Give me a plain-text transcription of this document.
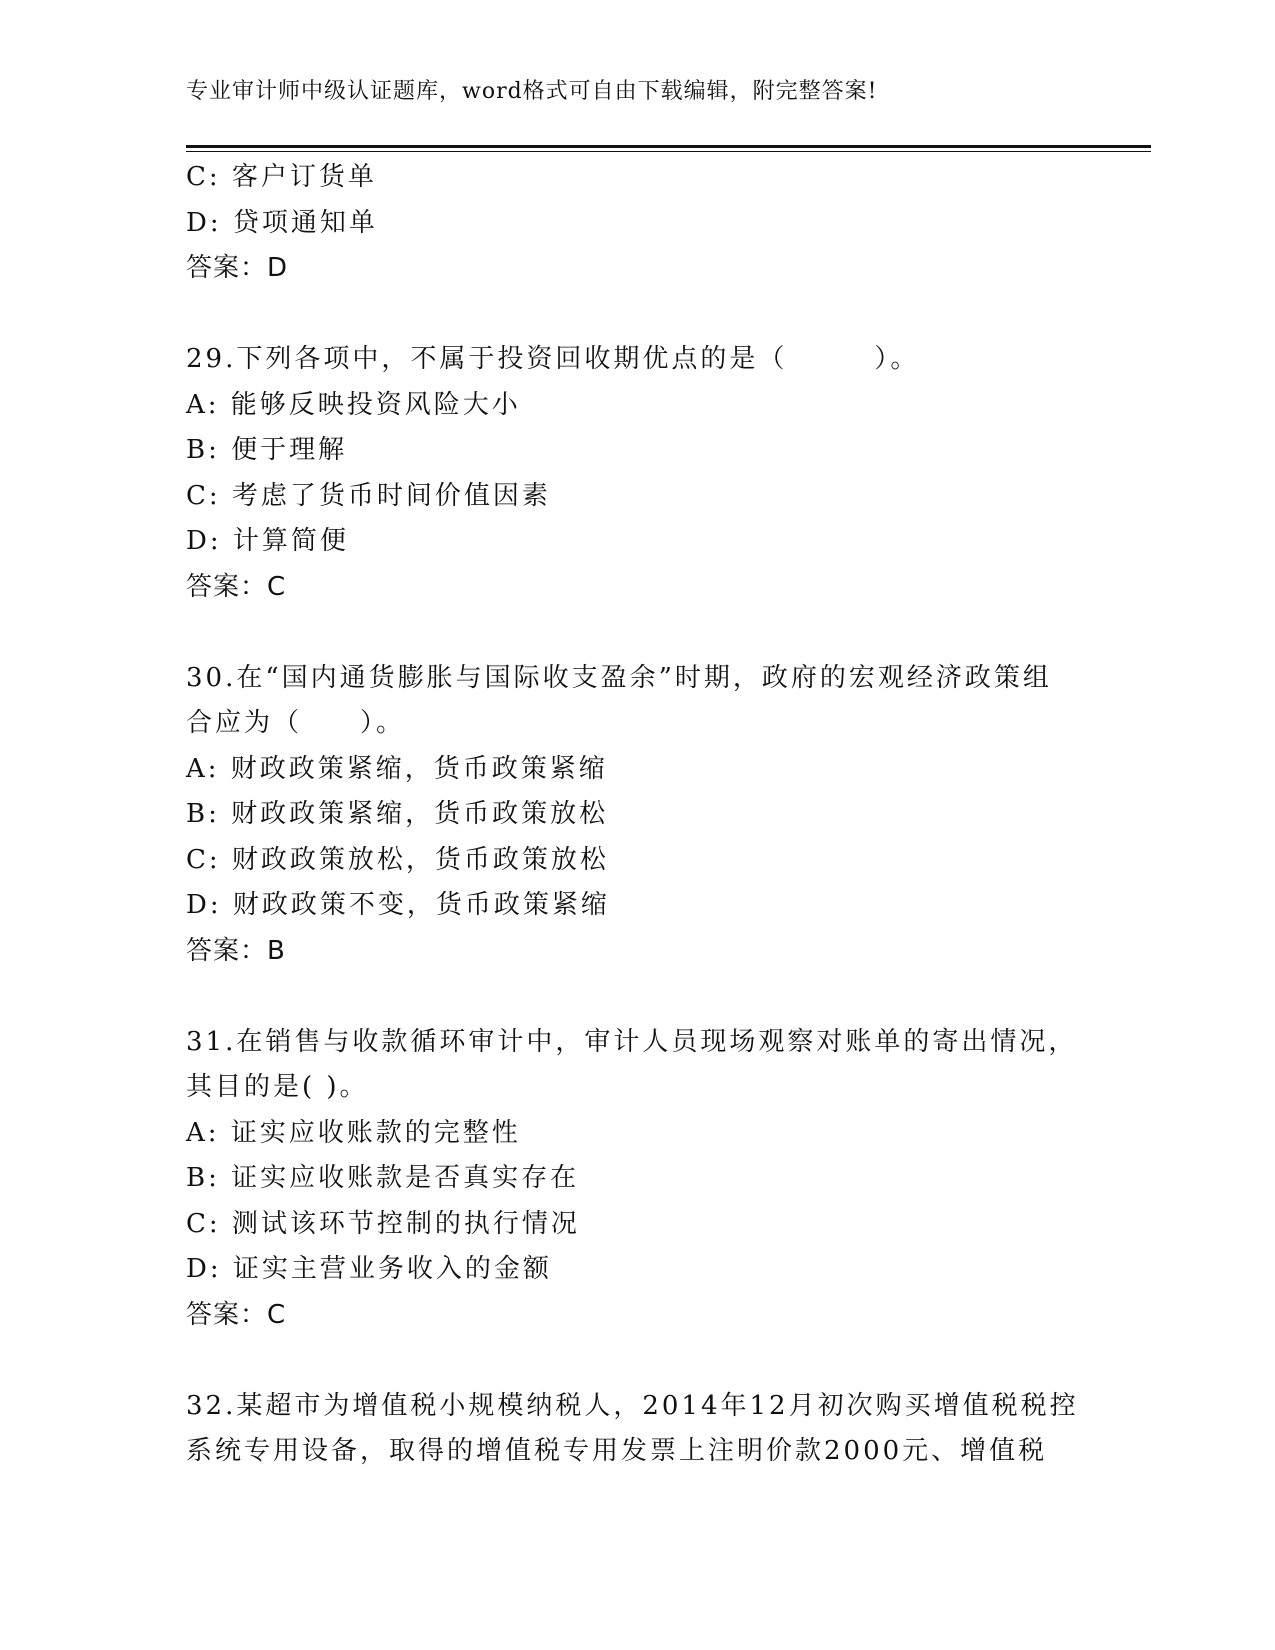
专业审计师中级认证题库，word格式可自由下载编辑，附完整答案!
C: 客户订货单
D: 贷项通知单
答案：D
29.下列各项中，不属于投资回收期优点的是（　　　）。
A: 能够反映投资风险大小
B: 便于理解
C: 考虑了货币时间价值因素
D: 计算简便
答案：C
30.在“国内通货膨胀与国际收支盈余”时期，政府的宏观经济政策组
合应为（　　）。
A: 财政政策紧缩，货币政策紧缩
B: 财政政策紧缩，货币政策放松
C: 财政政策放松，货币政策放松
D: 财政政策不变，货币政策紧缩
答案：B
31.在销售与收款循环审计中，审计人员现场观察对账单的寄出情况，
其目的是( )。
A: 证实应收账款的完整性
B: 证实应收账款是否真实存在
C: 测试该环节控制的执行情况
D: 证实主营业务收入的金额
答案：C
32.某超市为增值税小规模纳税人，2014年12月初次购买增值税税控
系统专用设备，取得的增值税专用发票上注明价款2000元、增值税
